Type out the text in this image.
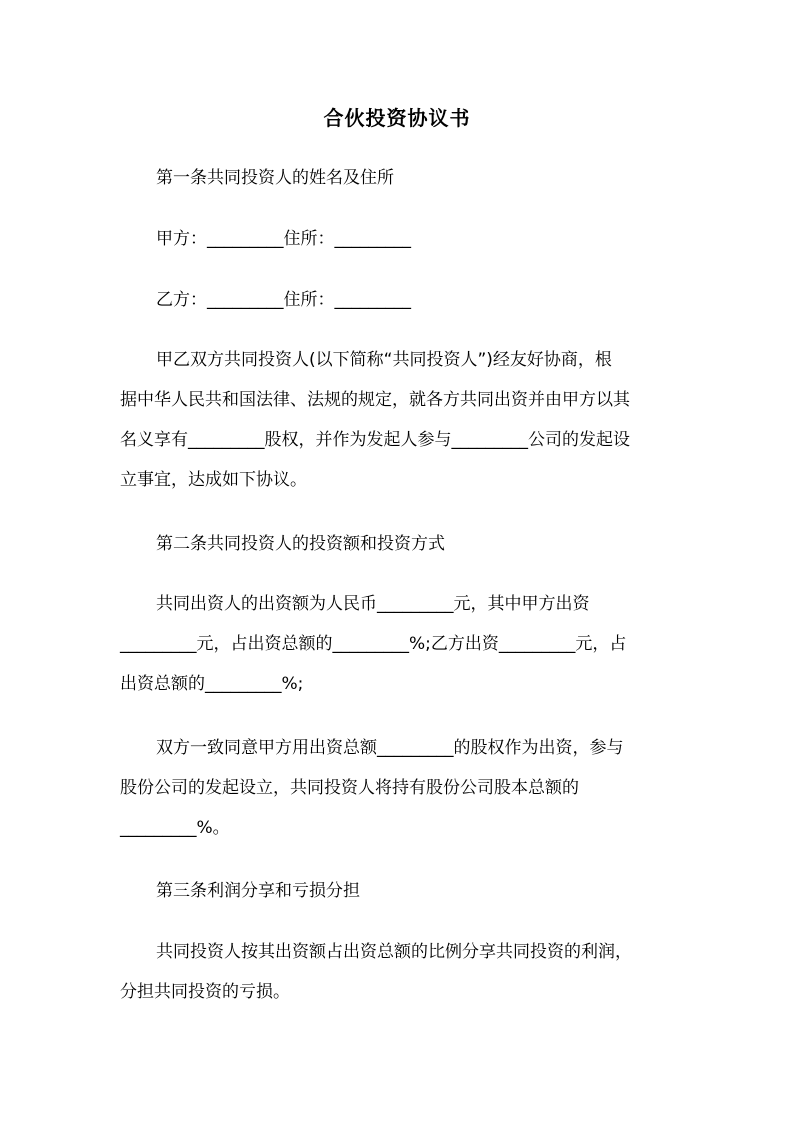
合伙投资协议书
第一条共同投资人的姓名及住所
甲方：_________住所：_________
乙方：_________住所：_________
甲乙双方共同投资人(以下简称“共同投资人”)经友好协商，根
据中华人民共和国法律、法规的规定，就各方共同出资并由甲方以其
名义享有_________股权，并作为发起人参与_________公司的发起设
立事宜，达成如下协议。
第二条共同投资人的投资额和投资方式
共同出资人的出资额为人民币_________元，其中甲方出资
_________元，占出资总额的_________%;乙方出资_________元，占
出资总额的_________%;
双方一致同意甲方用出资总额_________的股权作为出资，参与
股份公司的发起设立，共同投资人将持有股份公司股本总额的
_________%。
第三条利润分享和亏损分担
共同投资人按其出资额占出资总额的比例分享共同投资的利润，
分担共同投资的亏损。
